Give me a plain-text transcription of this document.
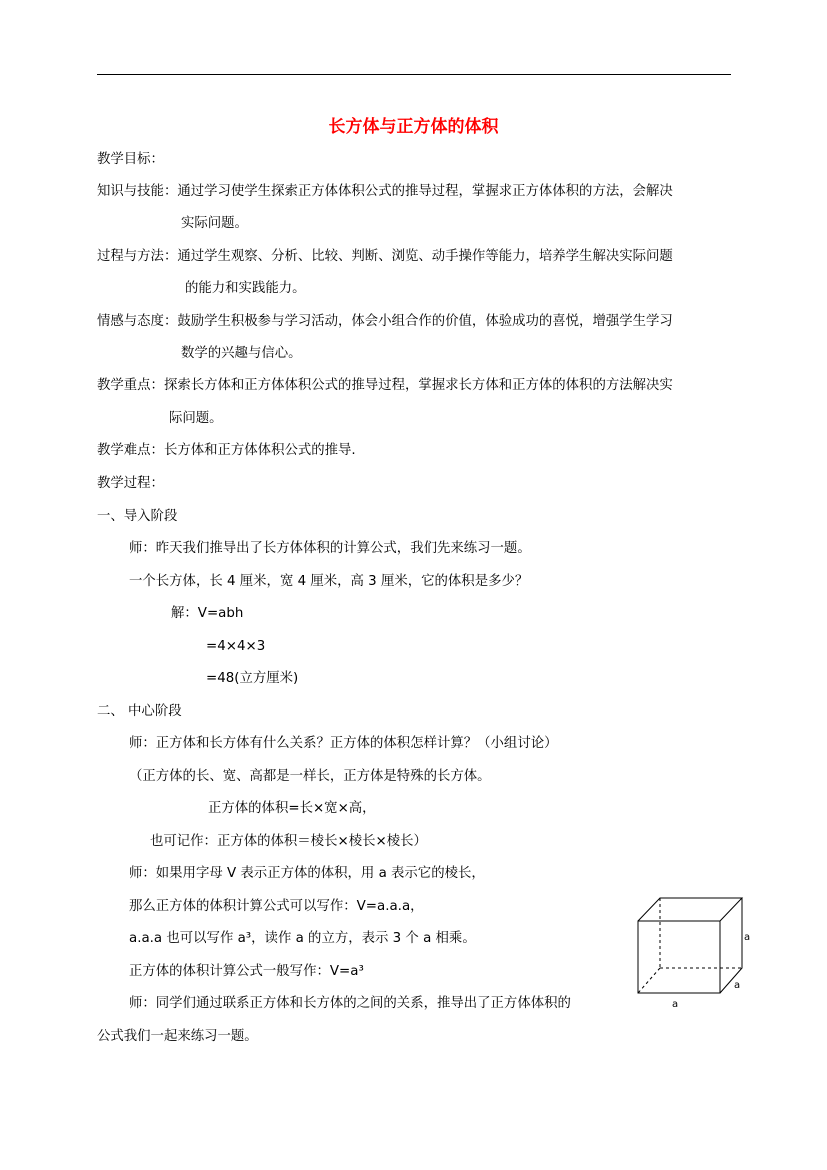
长方体与正方体的体积
教学目标：
知识与技能：通过学习使学生探索正方体体积公式的推导过程，掌握求正方体体积的方法，会解决
实际问题。
过程与方法：通过学生观察、分析、比较、判断、浏览、动手操作等能力，培养学生解决实际问题
的能力和实践能力。
情感与态度：鼓励学生积极参与学习活动，体会小组合作的价值，体验成功的喜悦，增强学生学习
数学的兴趣与信心。
教学重点：探索长方体和正方体体积公式的推导过程，掌握求长方体和正方体的体积的方法解决实
际问题。
教学难点：长方体和正方体体积公式的推导.
教学过程：
一、导入阶段
师：昨天我们推导出了长方体体积的计算公式，我们先来练习一题。
一个长方体，长 4 厘米，宽 4 厘米，高 3 厘米，它的体积是多少？
解：V=abh
=4×4×3
=48(立方厘米)
二、 中心阶段
师：正方体和长方体有什么关系？正方体的体积怎样计算？（小组讨论）
（正方体的长、宽、高都是一样长，正方体是特殊的长方体。
正方体的体积=长×宽×高，
也可记作：正方体的体积＝棱长×棱长×棱长）
师：如果用字母 V 表示正方体的体积，用 a 表示它的棱长，
那么正方体的体积计算公式可以写作：V=a.a.a，
a.a.a 也可以写作 a³，读作 a 的立方，表示 3 个 a 相乘。
正方体的体积计算公式一般写作：V=a³
师：同学们通过联系正方体和长方体的之间的关系，推导出了正方体体积的
公式我们一起来练习一题。
a
a
a
